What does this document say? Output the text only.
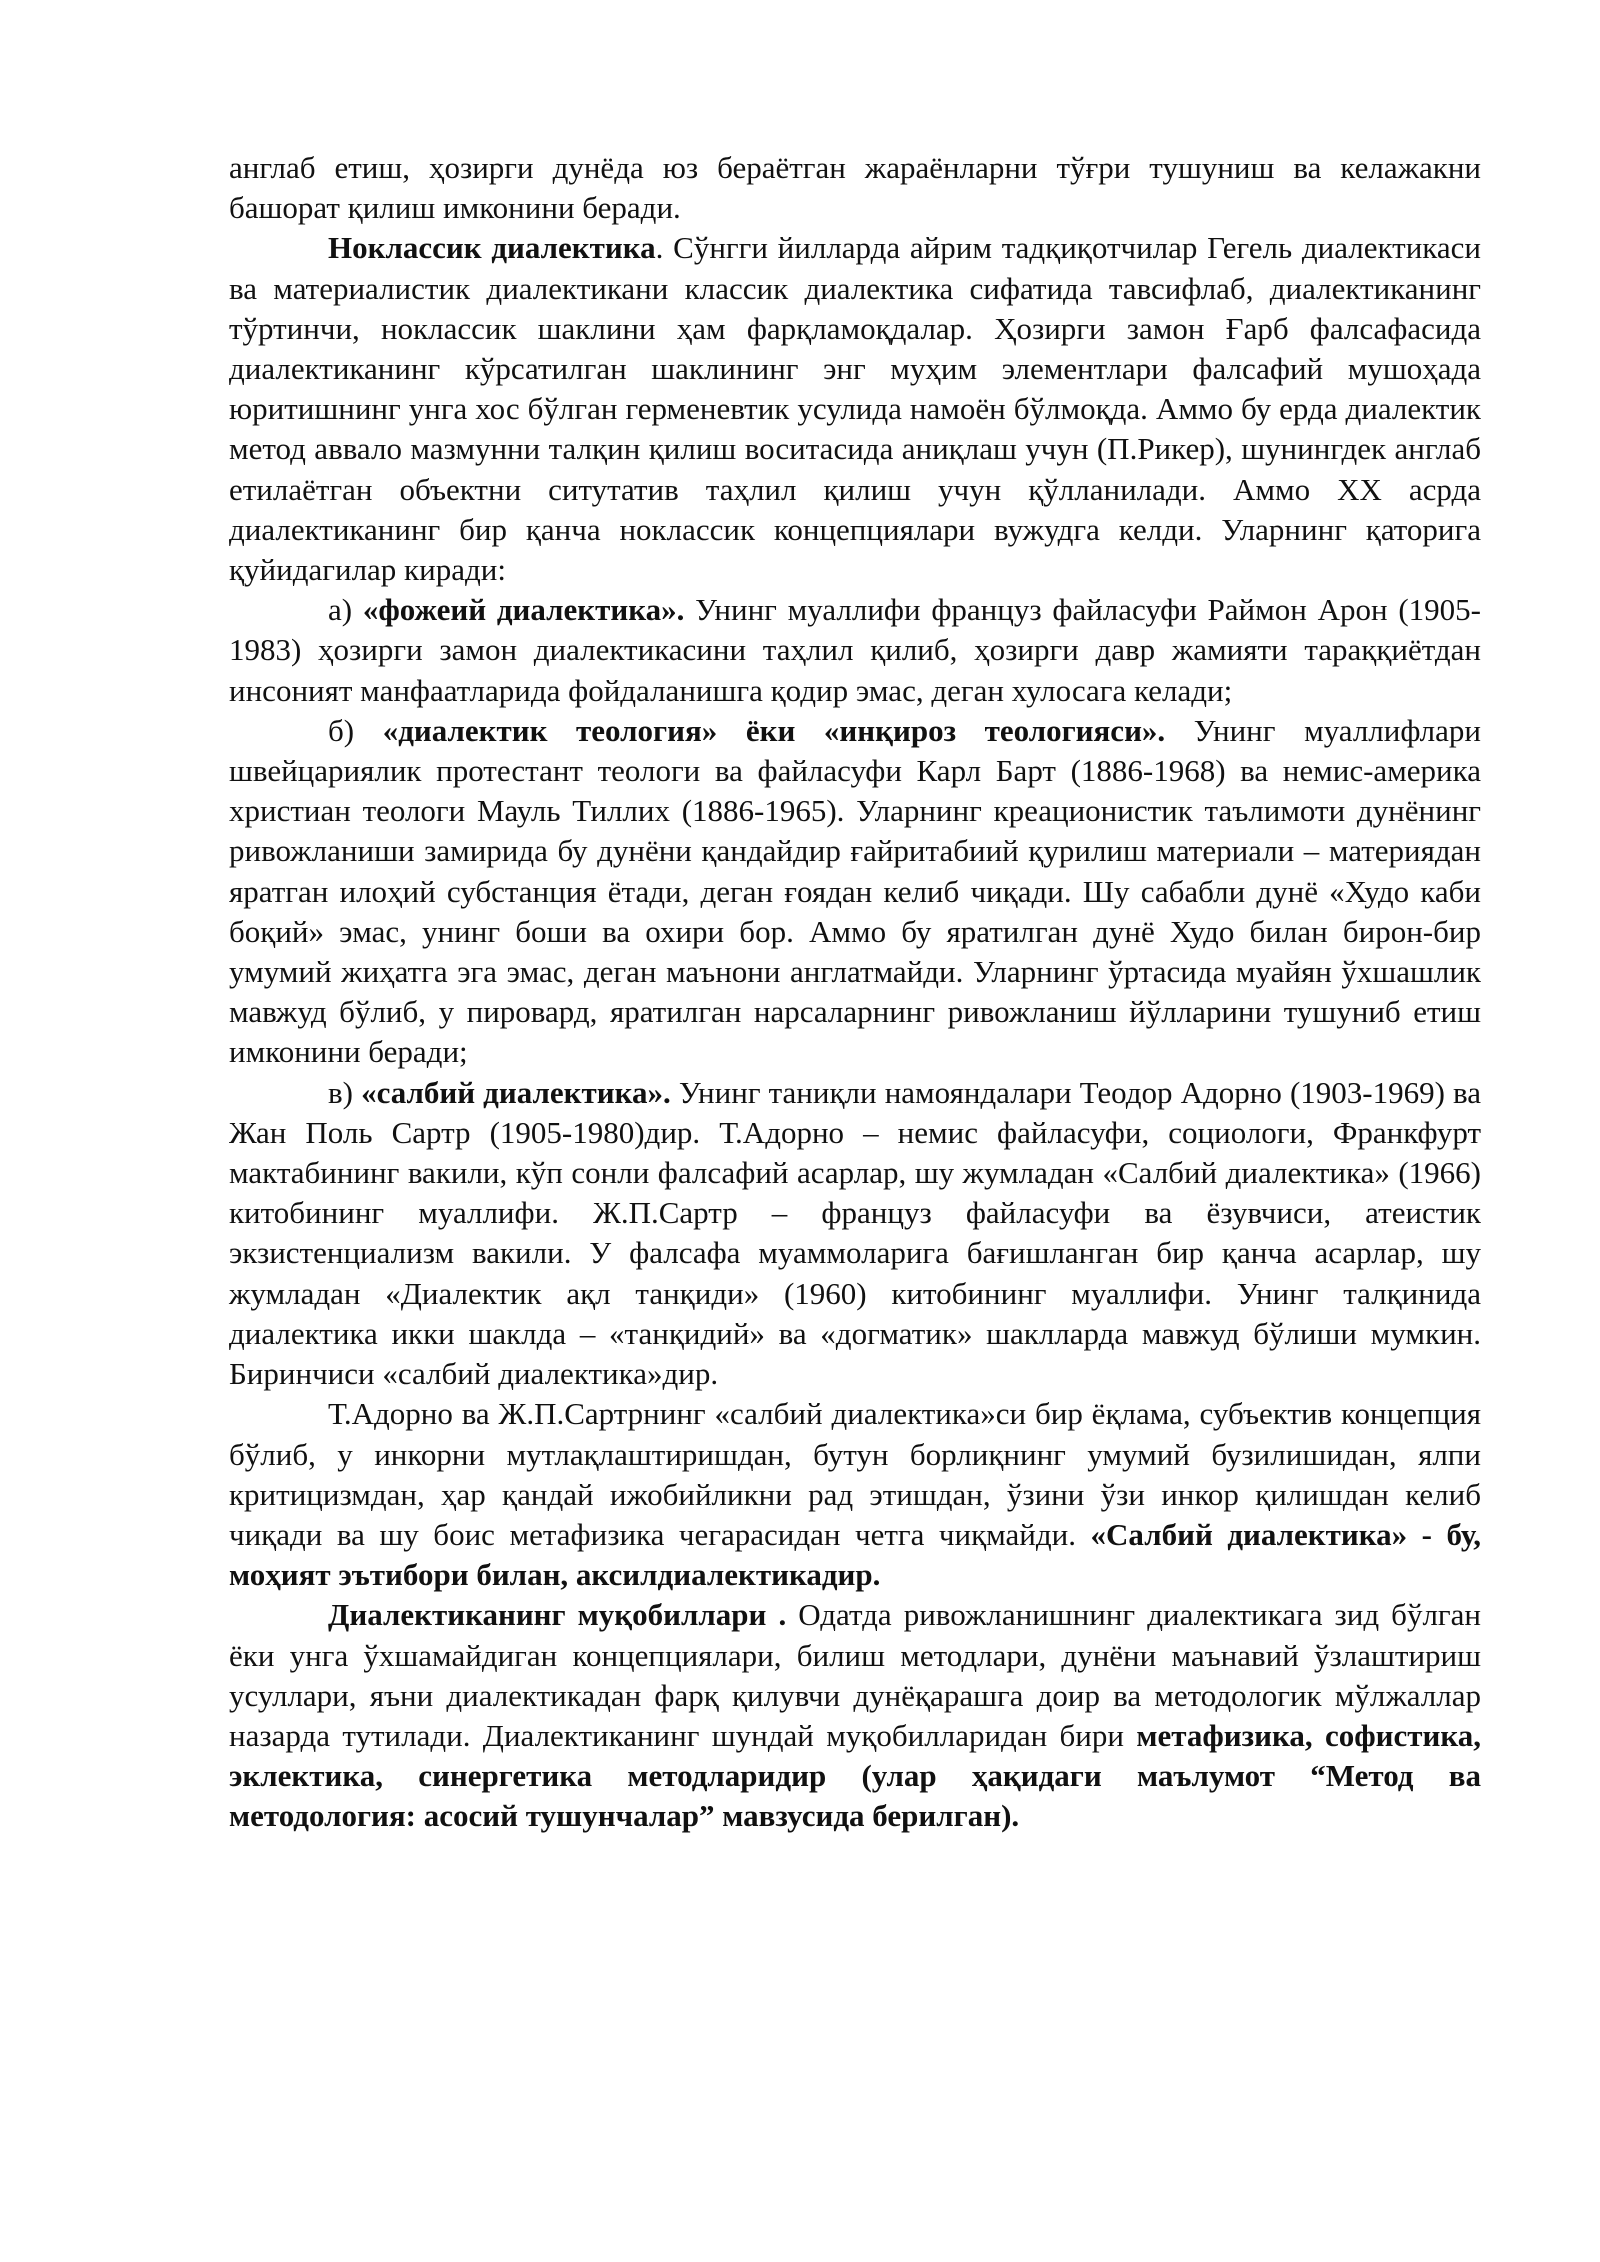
англаб етиш, ҳозирги дунёда юз бераётган жараёнларни тўғри тушуниш ва келажакни башорат қилиш имконини беради.

Ноклассик диалектика. Сўнгги йилларда айрим тадқиқотчилар Гегель диалектикаси ва материалистик диалектикани классик диалектика сифатида тавсифлаб, диалектиканинг тўртинчи, ноклассик шаклини ҳам фарқламоқдалар. Ҳозирги замон Ғарб фалсафасида диалектиканинг кўрсатилган шаклининг энг муҳим элементлари фалсафий мушоҳада юритишнинг унга хос бўлган герменевтик усулида намоён бўлмоқда. Аммо бу ерда диалектик метод аввало мазмунни талқин қилиш воситасида аниқлаш учун (П.Рикер), шунингдек англаб етилаётган объектни ситутатив таҳлил қилиш учун қўлланилади. Аммо XX асрда диалектиканинг бир қанча ноклассик концепциялари вужудга келди. Уларнинг қаторига қуйидагилар киради:

а) «фожеий диалектика». Унинг муаллифи француз файласуфи Раймон Арон (1905-1983) ҳозирги замон диалектикасини таҳлил қилиб, ҳозирги давр жамияти тараққиётдан инсоният манфаатларида фойдаланишга қодир эмас, деган хулосага келади;

б) «диалектик теология» ёки «инқироз теологияси». Унинг муаллифлари швейцариялик протестант теологи ва файласуфи Карл Барт (1886-1968) ва немис-америка христиан теологи Мауль Тиллих (1886-1965). Уларнинг креационистик таълимоти дунёнинг ривожланиши замирида бу дунёни қандайдир ғайритабиий қурилиш материали – материядан яратган илоҳий субстанция ётади, деган ғоядан келиб чиқади. Шу сабабли дунё «Худо каби боқий» эмас, унинг боши ва охири бор. Аммо бу яратилган дунё Худо билан бирон-бир умумий жиҳатга эга эмас, деган маънони англатмайди. Уларнинг ўртасида муайян ўхшашлик мавжуд бўлиб, у пировард, яратилган нарсаларнинг ривожланиш йўлларини тушуниб етиш имконини беради;

в) «салбий диалектика». Унинг таниқли намояндалари Теодор Адорно (1903-1969) ва Жан Поль Сартр (1905-1980)дир. Т.Адорно – немис файласуфи, социологи, Франкфурт мактабининг вакили, кўп сонли фалсафий асарлар, шу жумладан «Салбий диалектика» (1966) китобининг муаллифи. Ж.П.Сартр – француз файласуфи ва ёзувчиси, атеистик экзистенциализм вакили. У фалсафа муаммоларига бағишланган бир қанча асарлар, шу жумладан «Диалектик ақл танқиди» (1960) китобининг муаллифи. Унинг талқинида диалектика икки шаклда – «танқидий» ва «догматик» шаклларда мавжуд бўлиши мумкин. Биринчиси «салбий диалектика»дир.

Т.Адорно ва Ж.П.Сартрнинг «салбий диалектика»си бир ёқлама, субъектив концепция бўлиб, у инкорни мутлақлаштиришдан, бутун борлиқнинг умумий бузилишидан, ялпи критицизмдан, ҳар қандай ижобийликни рад этишдан, ўзини ўзи инкор қилишдан келиб чиқади ва шу боис метафизика чегарасидан четга чиқмайди. «Салбий диалектика» - бу, моҳият эътибори билан, аксилдиалектикадир.

Диалектиканинг муқобиллари . Одатда ривожланишнинг диалектикага зид бўлган ёки унга ўхшамайдиган концепциялари, билиш методлари, дунёни маънавий ўзлаштириш усуллари, яъни диалектикадан фарқ қилувчи дунёқарашга доир ва методологик мўлжаллар назарда тутилади. Диалектиканинг шундай муқобилларидан бири метафизика, софистика, эклектика, синергетика методларидир (улар ҳақидаги маълумот “Метод ва методология: асосий тушунчалар” мавзусида берилган).
